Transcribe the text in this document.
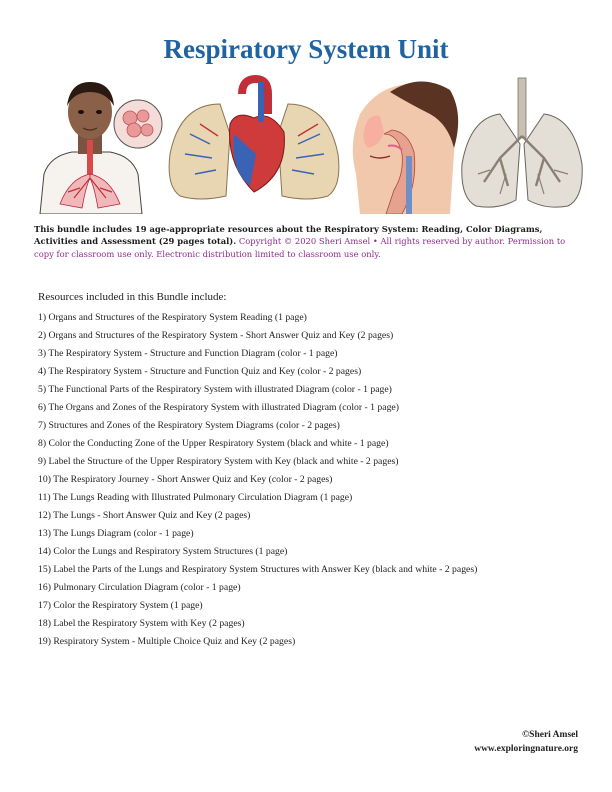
Respiratory System Unit
This bundle includes 19 age-appropriate resources about the Respiratory System: Reading, Color Diagrams, Activities and Assessment (29 pages total). Copyright © 2020 Sheri Amsel • All rights reserved by author. Permission to copy for classroom use only. Electronic distribution limited to classroom use only.
Resources included in this Bundle include:
1) Organs and Structures of the Respiratory System Reading (1 page)
2) Organs and Structures of the Respiratory System - Short Answer Quiz and Key (2 pages)
3) The Respiratory System - Structure and Function Diagram (color - 1 page)
4) The Respiratory System - Structure and Function Quiz and Key (color - 2 pages)
5) The Functional Parts of the Respiratory System with illustrated Diagram (color - 1 page)
6) The Organs and Zones of the Respiratory System with illustrated Diagram (color - 1 page)
7) Structures and Zones of the Respiratory System Diagrams (color - 2 pages)
8) Color the Conducting Zone of the Upper Respiratory System (black and white - 1 page)
9) Label the Structure of the Upper Respiratory System with Key (black and white - 2 pages)
10) The Respiratory Journey - Short Answer Quiz and Key (color - 2 pages)
11) The Lungs Reading with Illustrated Pulmonary Circulation Diagram (1 page)
12) The Lungs - Short Answer Quiz and Key (2 pages)
13) The Lungs Diagram (color - 1 page)
14) Color the Lungs and Respiratory System Structures (1 page)
15) Label the Parts of the Lungs and Respiratory System Structures with Answer Key (black and white - 2 pages)
16) Pulmonary Circulation Diagram (color - 1 page)
17) Color the Respiratory System (1 page)
18) Label the Respiratory System with Key (2 pages)
19) Respiratory System - Multiple Choice Quiz and Key (2 pages)
©Sheri Amsel
www.exploringnature.org
